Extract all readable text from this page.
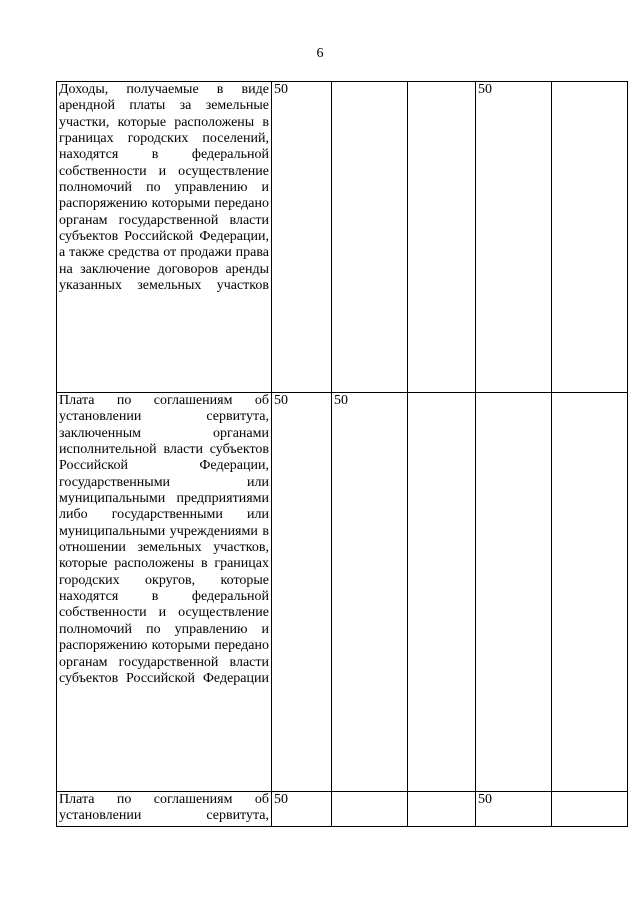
6
Доходы, получаемые в виде арендной платы за земельные участки, которые расположены в границах городских поселений, находятся в федеральной собственности и осуществление полномочий по управлению и распоряжению которыми передано органам государственной власти субъектов Российской Федерации, а также средства от продажи права на заключение договоров аренды указанных земельных участков	50			50	

Плата по соглашениям об установлении сервитута, заключенным органами исполнительной власти субъектов Российской Федерации, государственными или муниципальными предприятиями либо государственными или муниципальными учреждениями в отношении земельных участков, которые расположены в границах городских округов, которые находятся в федеральной собственности и осуществление полномочий по управлению и распоряжению которыми передано органам государственной власти субъектов Российской Федерации	50	50			

Плата по соглашениям об установлении сервитута,	50			50	
